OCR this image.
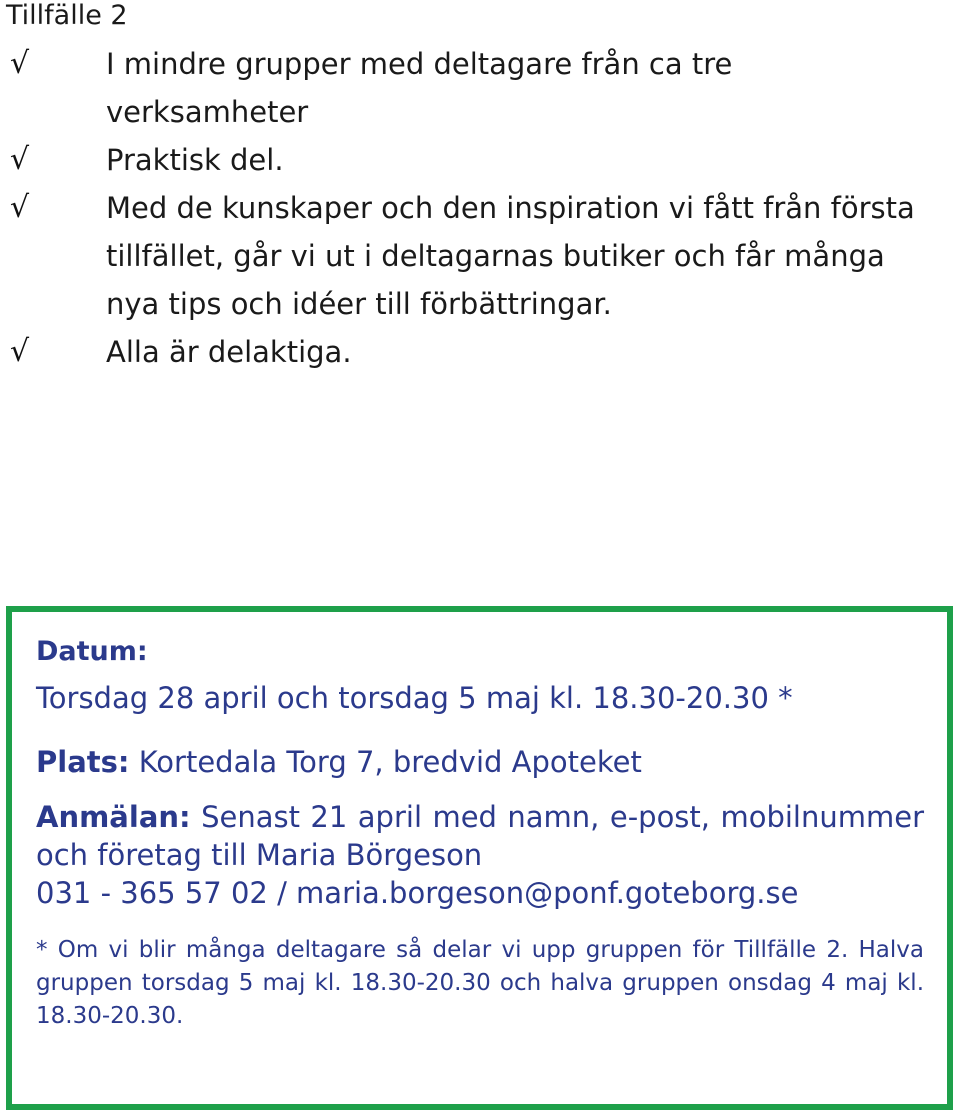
Tillfälle 2
√	I mindre grupper med deltagare från ca tre verksamheter
√	Praktisk del.
√	Med de kunskaper och den inspiration vi fått från första tillfället, går vi ut i deltagarnas butiker och får många nya tips och idéer till förbättringar.
√	Alla är delaktiga.
Datum:
Torsdag 28 april och torsdag 5 maj kl. 18.30-20.30 *
Plats: Kortedala Torg 7, bredvid Apoteket
Anmälan: Senast 21 april med namn, e-post, mobilnummer och företag till Maria Börgeson
031 - 365 57 02 / maria.borgeson@ponf.goteborg.se
* Om vi blir många deltagare så delar vi upp gruppen för Tillfälle 2. Halva gruppen torsdag 5 maj kl. 18.30-20.30 och halva gruppen onsdag 4 maj kl. 18.30-20.30.
